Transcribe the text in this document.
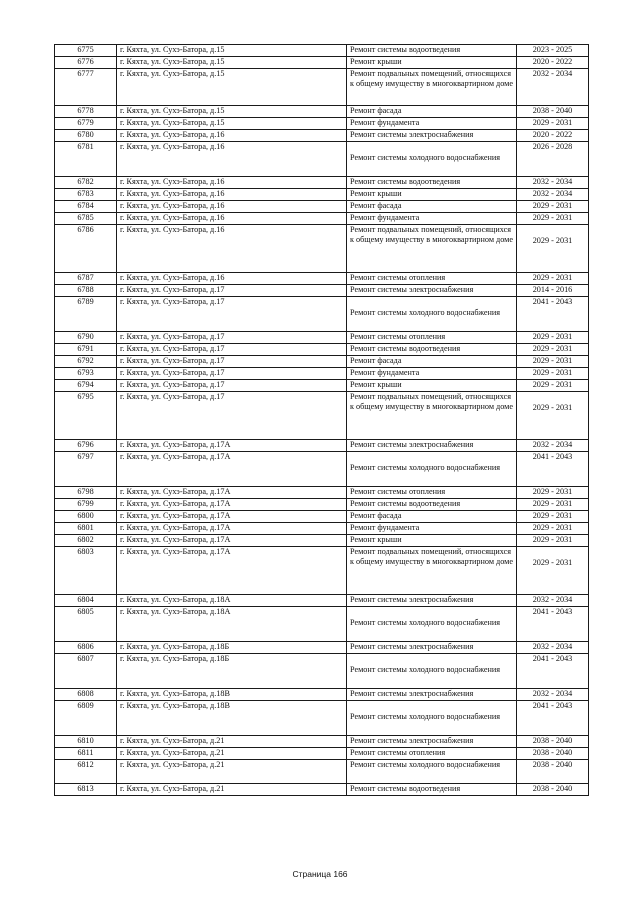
6775	г. Кяхта, ул. Сухэ-Батора, д.15	Ремонт системы водоотведения	2023 - 2025
6776	г. Кяхта, ул. Сухэ-Батора, д.15	Ремонт крыши	2020 - 2022
6777	г. Кяхта, ул. Сухэ-Батора, д.15	Ремонт подвальных помещений, относящихся к общему имуществу в многоквартирном доме	2032 - 2034
6778	г. Кяхта, ул. Сухэ-Батора, д.15	Ремонт фасада	2038 - 2040
6779	г. Кяхта, ул. Сухэ-Батора, д.15	Ремонт фундамента	2029 - 2031
6780	г. Кяхта, ул. Сухэ-Батора, д.16	Ремонт системы электроснабжения	2020 - 2022
6781	г. Кяхта, ул. Сухэ-Батора, д.16	Ремонт системы холодного водоснабжения	2026 - 2028
6782	г. Кяхта, ул. Сухэ-Батора, д.16	Ремонт системы водоотведения	2032 - 2034
6783	г. Кяхта, ул. Сухэ-Батора, д.16	Ремонт крыши	2032 - 2034
6784	г. Кяхта, ул. Сухэ-Батора, д.16	Ремонт фасада	2029 - 2031
6785	г. Кяхта, ул. Сухэ-Батора, д.16	Ремонт фундамента	2029 - 2031
6786	г. Кяхта, ул. Сухэ-Батора, д.16	Ремонт подвальных помещений, относящихся к общему имуществу в многоквартирном доме	2029 - 2031
6787	г. Кяхта, ул. Сухэ-Батора, д.16	Ремонт системы отопления	2029 - 2031
6788	г. Кяхта, ул. Сухэ-Батора, д.17	Ремонт системы электроснабжения	2014 - 2016
6789	г. Кяхта, ул. Сухэ-Батора, д.17	Ремонт системы холодного водоснабжения	2041 - 2043
6790	г. Кяхта, ул. Сухэ-Батора, д.17	Ремонт системы отопления	2029 - 2031
6791	г. Кяхта, ул. Сухэ-Батора, д.17	Ремонт системы водоотведения	2029 - 2031
6792	г. Кяхта, ул. Сухэ-Батора, д.17	Ремонт фасада	2029 - 2031
6793	г. Кяхта, ул. Сухэ-Батора, д.17	Ремонт фундамента	2029 - 2031
6794	г. Кяхта, ул. Сухэ-Батора, д.17	Ремонт крыши	2029 - 2031
6795	г. Кяхта, ул. Сухэ-Батора, д.17	Ремонт подвальных помещений, относящихся к общему имуществу в многоквартирном доме	2029 - 2031
6796	г. Кяхта, ул. Сухэ-Батора, д.17А	Ремонт системы электроснабжения	2032 - 2034
6797	г. Кяхта, ул. Сухэ-Батора, д.17А	Ремонт системы холодного водоснабжения	2041 - 2043
6798	г. Кяхта, ул. Сухэ-Батора, д.17А	Ремонт системы отопления	2029 - 2031
6799	г. Кяхта, ул. Сухэ-Батора, д.17А	Ремонт системы водоотведения	2029 - 2031
6800	г. Кяхта, ул. Сухэ-Батора, д.17А	Ремонт фасада	2029 - 2031
6801	г. Кяхта, ул. Сухэ-Батора, д.17А	Ремонт фундамента	2029 - 2031
6802	г. Кяхта, ул. Сухэ-Батора, д.17А	Ремонт крыши	2029 - 2031
6803	г. Кяхта, ул. Сухэ-Батора, д.17А	Ремонт подвальных помещений, относящихся к общему имуществу в многоквартирном доме	2029 - 2031
6804	г. Кяхта, ул. Сухэ-Батора, д.18А	Ремонт системы электроснабжения	2032 - 2034
6805	г. Кяхта, ул. Сухэ-Батора, д.18А	Ремонт системы холодного водоснабжения	2041 - 2043
6806	г. Кяхта, ул. Сухэ-Батора, д.18Б	Ремонт системы электроснабжения	2032 - 2034
6807	г. Кяхта, ул. Сухэ-Батора, д.18Б	Ремонт системы холодного водоснабжения	2041 - 2043
6808	г. Кяхта, ул. Сухэ-Батора, д.18В	Ремонт системы электроснабжения	2032 - 2034
6809	г. Кяхта, ул. Сухэ-Батора, д.18В	Ремонт системы холодного водоснабжения	2041 - 2043
6810	г. Кяхта, ул. Сухэ-Батора, д.21	Ремонт системы электроснабжения	2038 - 2040
6811	г. Кяхта, ул. Сухэ-Батора, д.21	Ремонт системы отопления	2038 - 2040
6812	г. Кяхта, ул. Сухэ-Батора, д.21	Ремонт системы холодного водоснабжения	2038 - 2040
6813	г. Кяхта, ул. Сухэ-Батора, д.21	Ремонт системы водоотведения	2038 - 2040
Страница 166
